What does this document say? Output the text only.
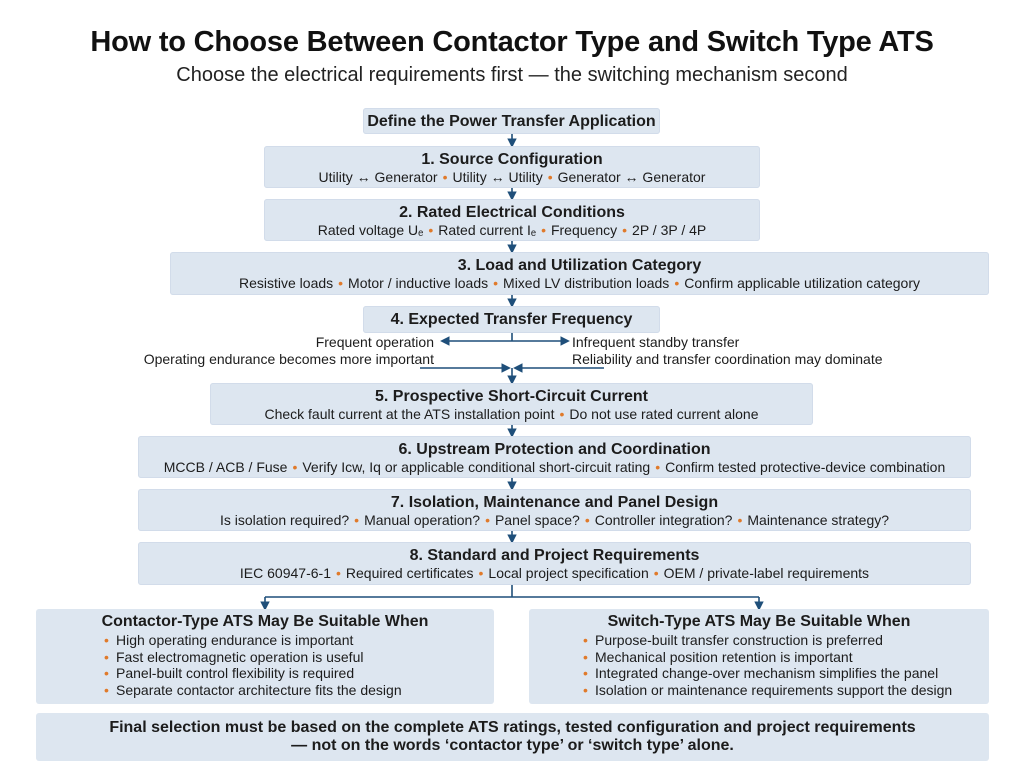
How to Choose Between Contactor Type and Switch Type ATS
Choose the electrical requirements first — the switching mechanism second
Define the Power Transfer Application
1. Source Configuration
Utility ↔ Generator • Utility ↔ Utility • Generator ↔ Generator
2. Rated Electrical Conditions
Rated voltage Uₑ • Rated current Iₑ • Frequency • 2P / 3P / 4P
3. Load and Utilization Category
Resistive loads • Motor / inductive loads • Mixed LV distribution loads • Confirm applicable utilization category
4. Expected Transfer Frequency
Frequent operation
Operating endurance becomes more important
Infrequent standby transfer
Reliability and transfer coordination may dominate
5. Prospective Short-Circuit Current
Check fault current at the ATS installation point • Do not use rated current alone
6. Upstream Protection and Coordination
MCCB / ACB / Fuse • Verify Icw, Iq or applicable conditional short-circuit rating • Confirm tested protective-device combination
7. Isolation, Maintenance and Panel Design
Is isolation required? • Manual operation? • Panel space? • Controller integration? • Maintenance strategy?
8. Standard and Project Requirements
IEC 60947-6-1 • Required certificates • Local project specification • OEM / private-label requirements
Contactor-Type ATS May Be Suitable When
• High operating endurance is important
• Fast electromagnetic operation is useful
• Panel-built control flexibility is required
• Separate contactor architecture fits the design
Switch-Type ATS May Be Suitable When
• Purpose-built transfer construction is preferred
• Mechanical position retention is important
• Integrated change-over mechanism simplifies the panel
• Isolation or maintenance requirements support the design
Final selection must be based on the complete ATS ratings, tested configuration and project requirements
— not on the words ‘contactor type’ or ‘switch type’ alone.
